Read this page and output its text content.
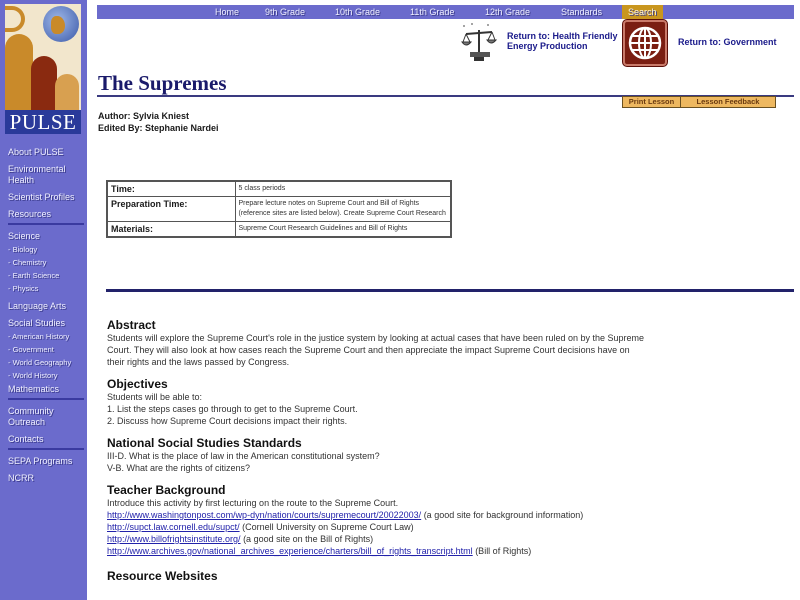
PULSE
About PULSE
Environmental Health
Scientist Profiles
Resources
Science
- Biology
- Chemistry
- Earth Science
- Physics
Language Arts
Social Studies
- American History
- Government
- World Geography
- World History
Mathematics
Community Outreach
Contacts
SEPA Programs
NCRR
Home	9th Grade	10th Grade	11th Grade	12th Grade	Standards	Search
Return to: Health Friendly
Energy Production	Return to: Government
The Supremes
Print Lesson	Lesson Feedback
Author: Sylvia Kniest
Edited By: Stephanie Nardei
Time:	5 class periods
Preparation Time:	Prepare lecture notes on Supreme Court and Bill of Rights (reference sites are listed below). Create Supreme Court Research
Materials:	Supreme Court Research Guidelines and Bill of Rights
Abstract

Students will explore the Supreme Court's role in the justice system by looking at actual cases that have been ruled on by the Supreme Court. They will also look at how cases reach the Supreme Court and then appreciate the impact Supreme Court decisions have on their rights and the laws passed by Congress.

Objectives

Students will be able to:

1. List the steps cases go through to get to the Supreme Court.

2. Discuss how Supreme Court decisions impact their rights.

National Social Studies Standards

III-D. What is the place of law in the American constitutional system?

V-B. What are the rights of citizens?

Teacher Background

Introduce this activity by first lecturing on the route to the Supreme Court.

http://www.washingtonpost.com/wp-dyn/nation/courts/supremecourt/20022003/ (a good site for background information)

http://supct.law.cornell.edu/supct/ (Cornell University on Supreme Court Law)

http://www.billofrightsinstitute.org/ (a good site on the Bill of Rights)

http://www.archives.gov/national_archives_experience/charters/bill_of_rights_transcript.html (Bill of Rights)

Resource Websites
